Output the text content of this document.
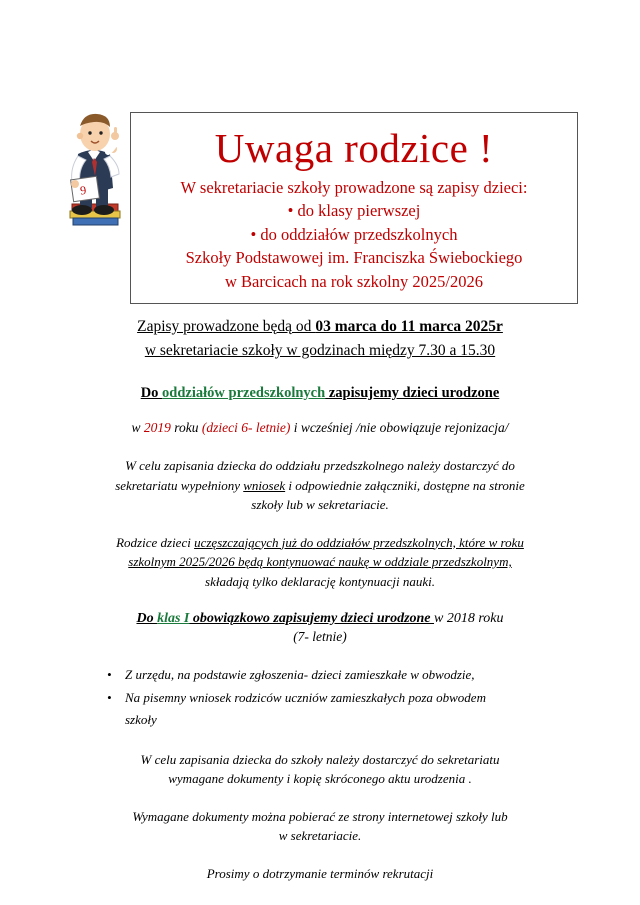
9
Uwaga rodzice !
W sekretariacie szkoły prowadzone są zapisy dzieci:
• do klasy pierwszej
• do oddziałów przedszkolnych
Szkoły Podstawowej im. Franciszka Świebockiego
w Barcicach na rok szkolny 2025/2026
Zapisy prowadzone będą od 03 marca do 11 marca 2025r
w sekretariacie szkoły w godzinach między 7.30 a 15.30
Do oddziałów przedszkolnych zapisujemy dzieci urodzone
w 2019 roku (dzieci 6- letnie) i wcześniej /nie obowiązuje rejonizacja/
W celu zapisania dziecka do oddziału przedszkolnego należy dostarczyć do
sekretariatu wypełniony wniosek i odpowiednie załączniki, dostępne na stronie
szkoły lub w sekretariacie.
Rodzice dzieci uczęszczających już do oddziałów przedszkolnych, które w roku
szkolnym 2025/2026 będą kontynuować naukę w oddziale przedszkolnym,
składają tylko deklarację kontynuacji nauki.
Do klas I obowiązkowo zapisujemy dzieci urodzone w 2018 roku
(7- letnie)
• Z urzędu, na podstawie zgłoszenia- dzieci zamieszkałe w obwodzie,
• Na pisemny wniosek rodziców uczniów zamieszkałych poza obwodem
szkoły
W celu zapisania dziecka do szkoły należy dostarczyć do sekretariatu
wymagane dokumenty i kopię skróconego aktu urodzenia .
Wymagane dokumenty można pobierać ze strony internetowej szkoły lub
w sekretariacie.
Prosimy o dotrzymanie terminów rekrutacji
